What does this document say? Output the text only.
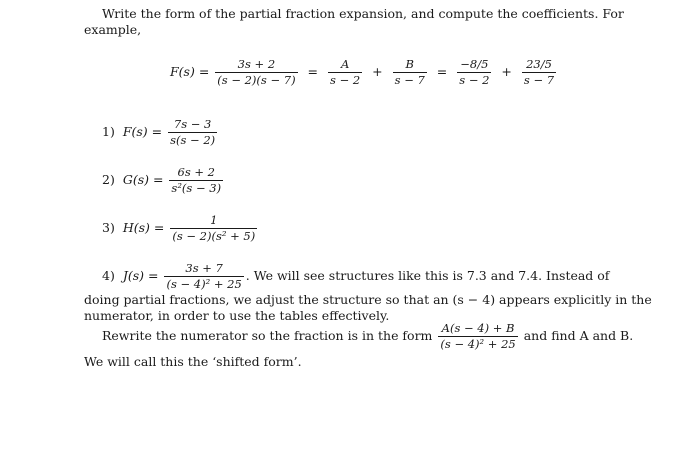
Write the form of the partial fraction expansion, and compute the coefficients. For
example,
$F(s) = \frac{3s + 2}{(s - 2)(s - 7)} = \frac{A}{s - 2} + \frac{B}{s - 7} = \frac{-8/5}{s - 2} + \frac{23/5}{s - 7}$
1) $F(s) = \frac{7s - 3}{s(s - 2)}$
2) $G(s) = \frac{6s + 2}{\text{s²(s − 3)}}$
3) $H(s) = \frac{1}{\text{(s − 2)(s² + 5)}}$
4) $J(s) = \frac{3s + 7}{\text{(s − 4)² + 25}}$ . We will see structures like this is 7.3 and 7.4. Instead of
doing partial fractions, we adjust the structure so that an (s − 4) appears explicitly in the
numerator, in order to use the tables effectively.
Rewrite the numerator so the fraction is in the form $\frac{A(s - 4) + B}{\text{(s − 4)² + 25}}$ and find A and B.
We will call this the ‘shifted form’.
